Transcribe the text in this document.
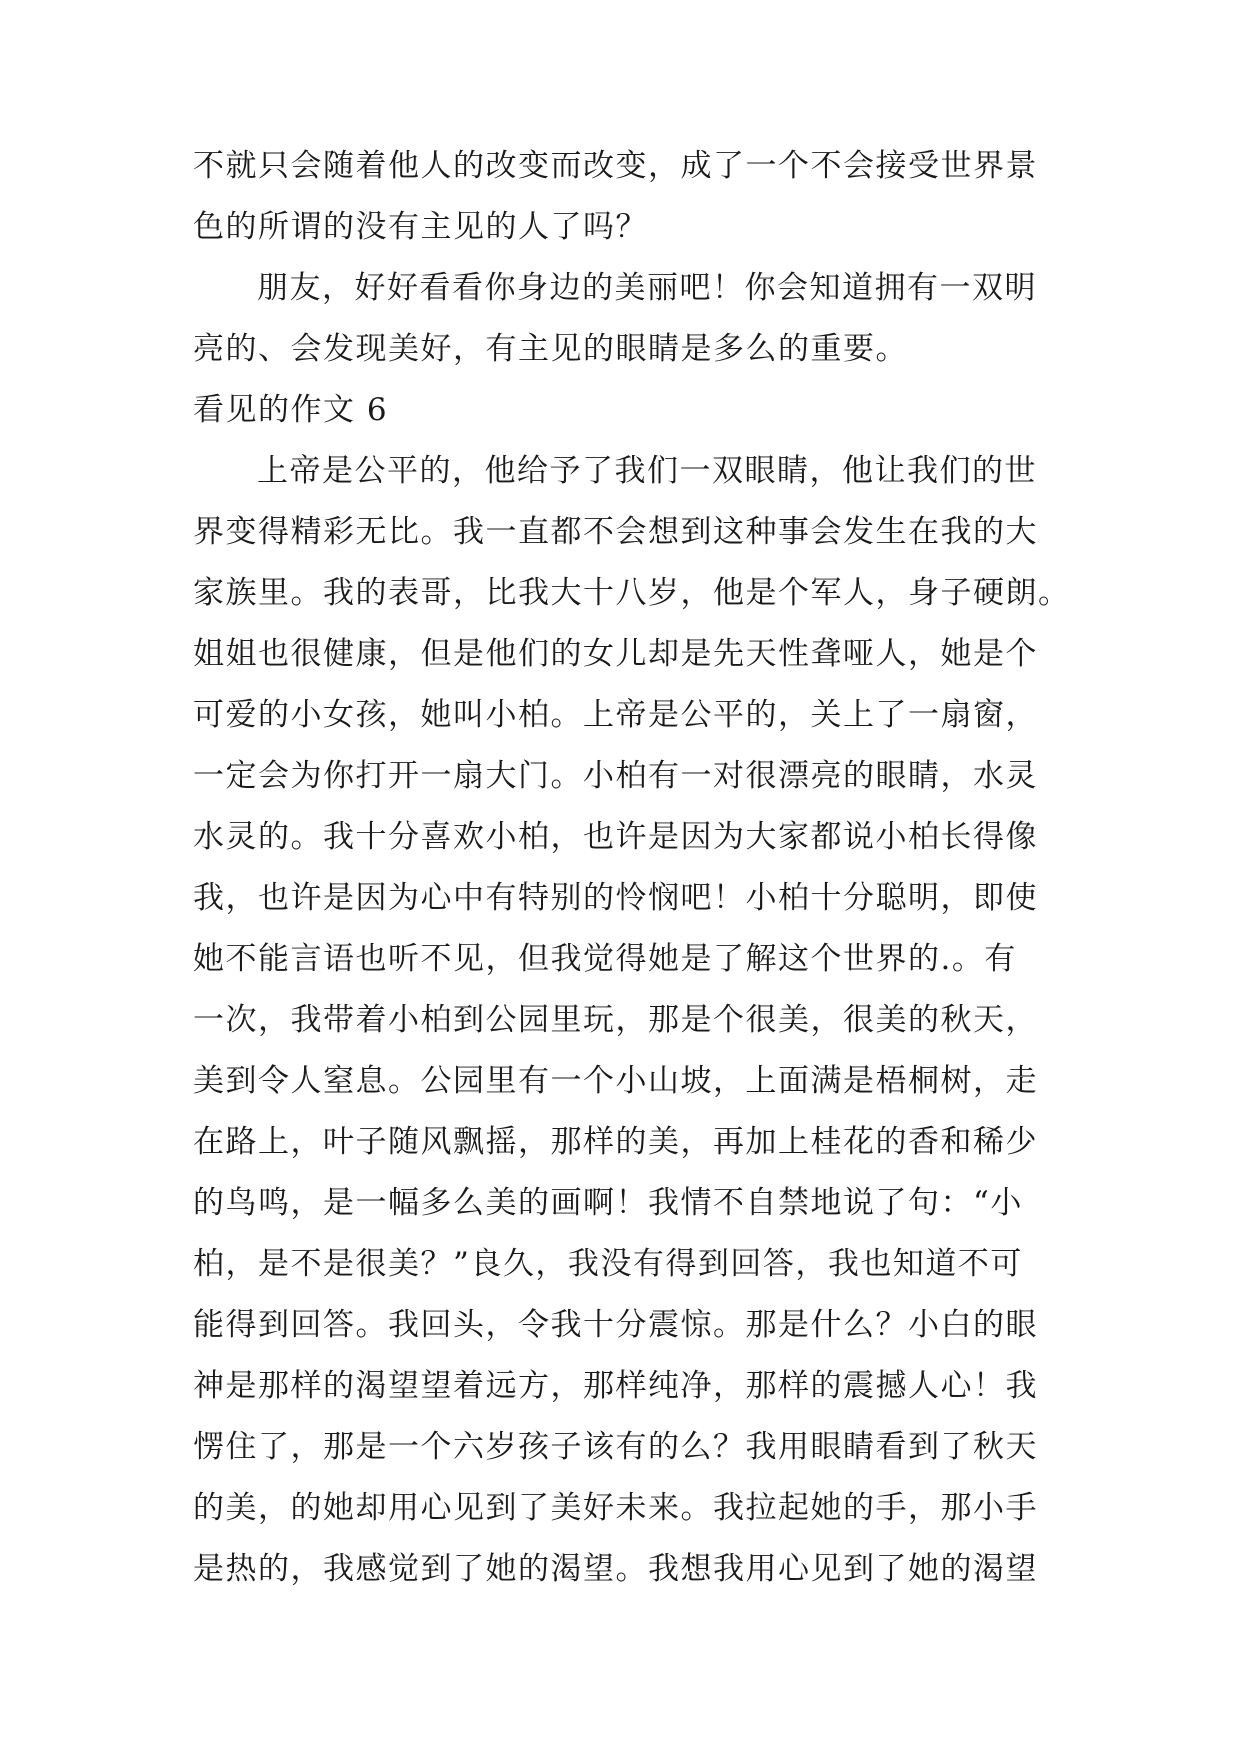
不就只会随着他人的改变而改变，成了一个不会接受世界景
色的所谓的没有主见的人了吗？
朋友，好好看看你身边的美丽吧！你会知道拥有一双明
亮的、会发现美好，有主见的眼睛是多么的重要。
看见的作文 6
上帝是公平的，他给予了我们一双眼睛，他让我们的世
界变得精彩无比。我一直都不会想到这种事会发生在我的大
家族里。我的表哥，比我大十八岁，他是个军人，身子硬朗。
姐姐也很健康，但是他们的女儿却是先天性聋哑人，她是个
可爱的小女孩，她叫小柏。上帝是公平的，关上了一扇窗，
一定会为你打开一扇大门。小柏有一对很漂亮的眼睛，水灵
水灵的。我十分喜欢小柏，也许是因为大家都说小柏长得像
我，也许是因为心中有特别的怜悯吧！小柏十分聪明，即使
她不能言语也听不见，但我觉得她是了解这个世界的.。有
一次，我带着小柏到公园里玩，那是个很美，很美的秋天，
美到令人窒息。公园里有一个小山坡，上面满是梧桐树，走
在路上，叶子随风飘摇，那样的美，再加上桂花的香和稀少
的鸟鸣，是一幅多么美的画啊！我情不自禁地说了句：“小
柏，是不是很美？”良久，我没有得到回答，我也知道不可
能得到回答。我回头，令我十分震惊。那是什么？小白的眼
神是那样的渴望望着远方，那样纯净，那样的震撼人心！我
愣住了，那是一个六岁孩子该有的么？我用眼睛看到了秋天
的美，的她却用心见到了美好未来。我拉起她的手，那小手
是热的，我感觉到了她的渴望。我想我用心见到了她的渴望
